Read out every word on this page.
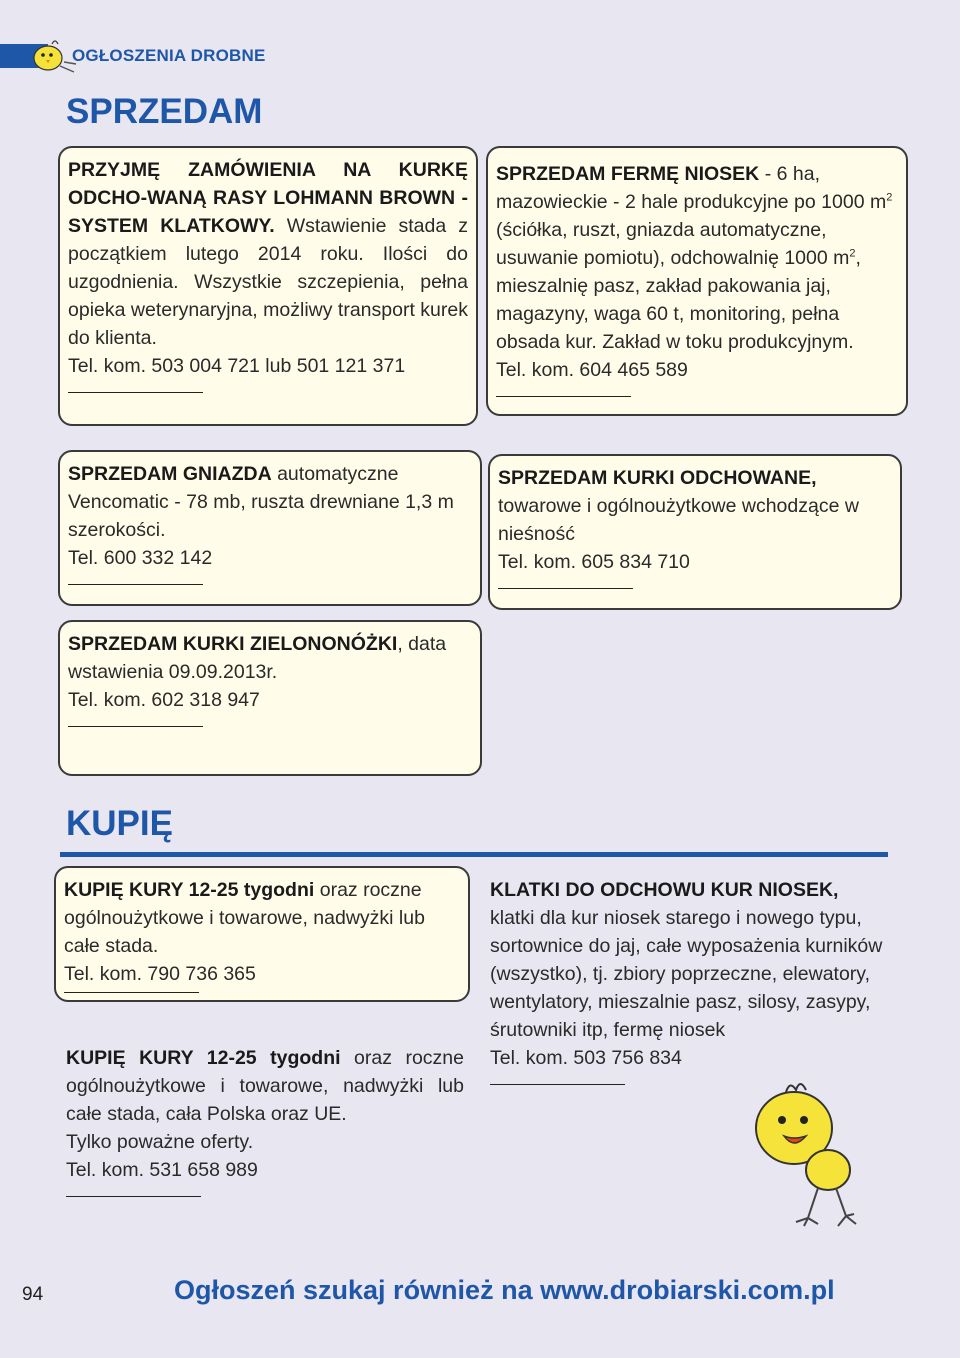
OGŁOSZENIA DROBNE
SPRZEDAM

PRZYJMĘ ZAMÓWIENIA NA KURKĘ ODCHO-WANĄ RASY LOHMANN BROWN - SYSTEM KLATKOWY. Wstawienie stada z początkiem lutego 2014 roku. Ilości do uzgodnienia. Wszystkie szczepienia, pełna opieka weterynaryjna, możliwy transport kurek do klienta.

Tel. kom. 503 004 721 lub 501 121 371

SPRZEDAM FERMĘ NIOSEK - 6 ha, mazowieckie - 2 hale produkcyjne po 1000 $m^2$ (ściółka, ruszt, gniazda automatyczne, usuwanie pomiotu), odchowalnię 1000 $m^2$, mieszalnię pasz, zakład pakowania jaj, magazyny, waga 60 t, monitoring, pełna obsada kur. Zakład w toku produkcyjnym.

Tel. kom. 604 465 589

SPRZEDAM GNIAZDA automatyczne Vencomatic - 78 mb, ruszta drewniane 1,3 m szerokości.

Tel. 600 332 142

SPRZEDAM KURKI ODCHOWANE,

towarowe i ogólnoużytkowe wchodzące w nieśność

Tel. kom. 605 834 710

SPRZEDAM KURKI ZIELONONÓŻKI, data wstawienia 09.09.2013r.

Tel. kom. 602 318 947

KUPIĘ

KUPIĘ KURY 12-25 tygodni oraz roczne ogólnoużytkowe i towarowe, nadwyżki lub całe stada.

Tel. kom. 790 736 365

KUPIĘ KURY 12-25 tygodni oraz roczne ogólnoużytkowe i towarowe, nadwyżki lub całe stada, cała Polska oraz UE.

Tylko poważne oferty.

Tel. kom. 531 658 989

KLATKI DO ODCHOWU KUR NIOSEK,

klatki dla kur niosek starego i nowego typu, sortownice do jaj, całe wyposażenia kurników (wszystko), tj. zbiory poprzeczne, elewatory, wentylatory, mieszalnie pasz, silosy, zasypy, śrutowniki itp, fermę niosek

Tel. kom. 503 756 834

94	Ogłoszeń szukaj również na www.drobiarski.com.pl
